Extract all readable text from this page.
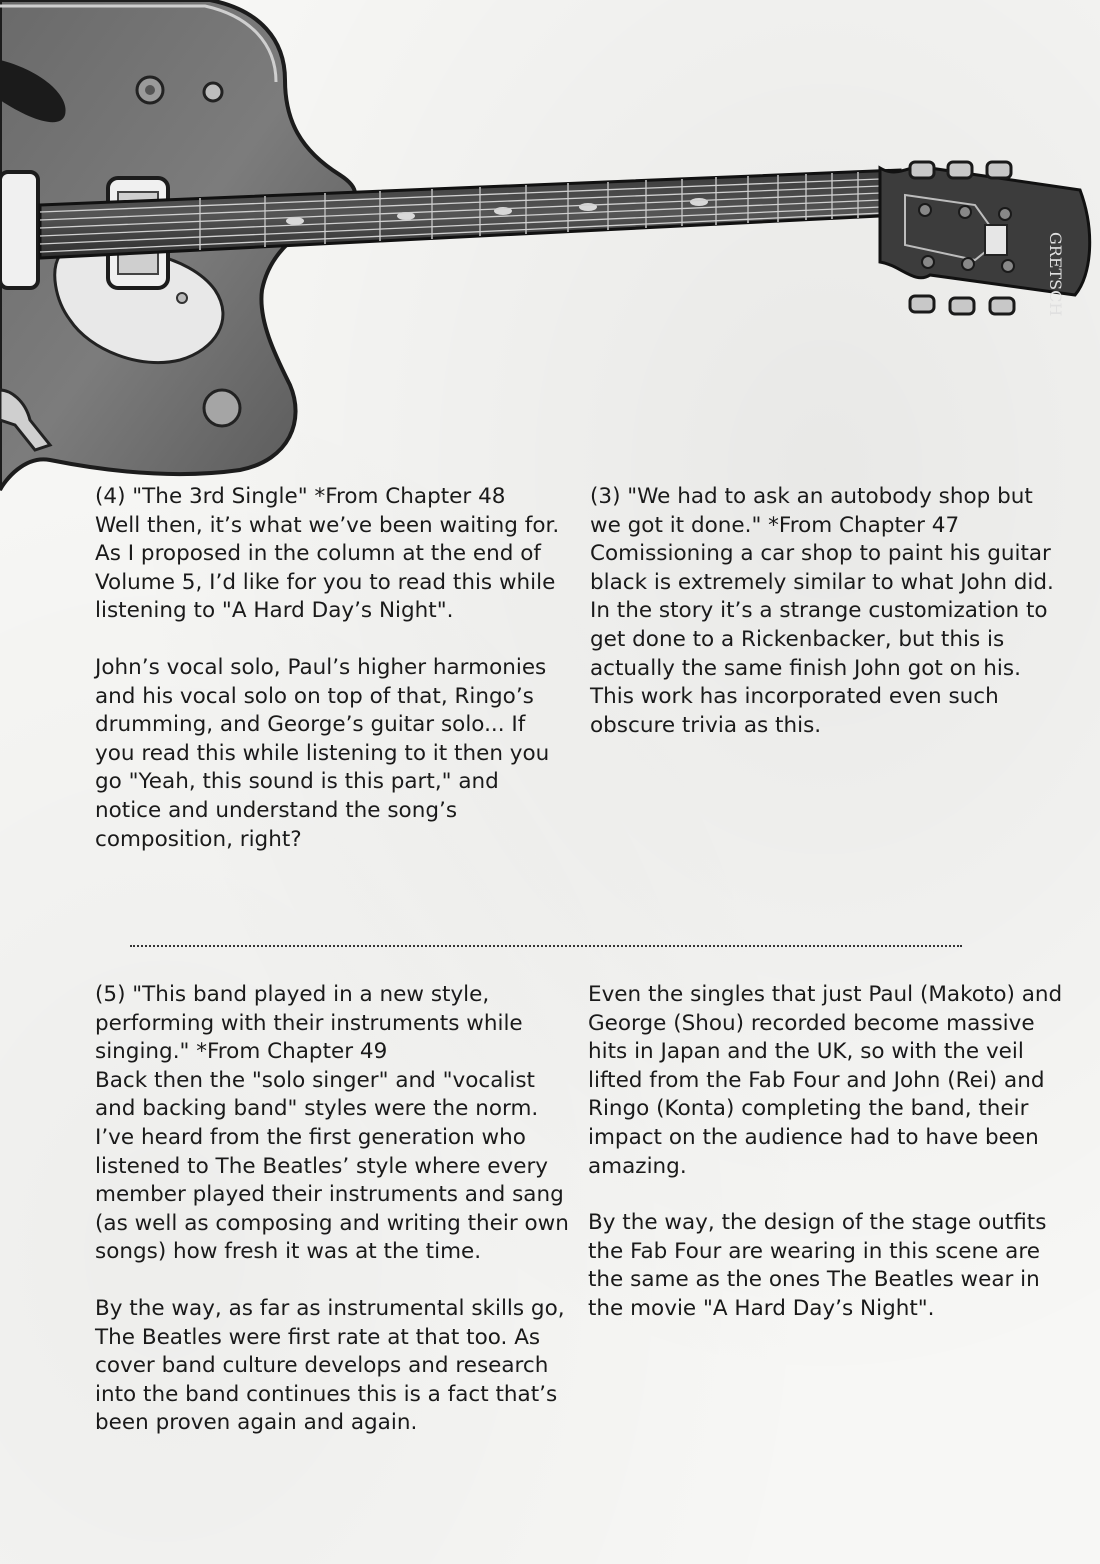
GRETSCH

(4) "The 3rd Single" *From Chapter 48

Well then, it’s what we’ve been waiting for. As I proposed in the column at the end of Volume 5, I’d like for you to read this while listening to "A Hard Day’s Night".

John’s vocal solo, Paul’s higher harmonies and his vocal solo on top of that, Ringo’s drumming, and George’s guitar solo... If you read this while listening to it then you go "Yeah, this sound is this part," and notice and understand the song’s composition, right?

(3) "We had to ask an autobody shop but we got it done." *From Chapter 47

Comissioning a car shop to paint his guitar black is extremely similar to what John did. In the story it’s a strange customization to get done to a Rickenbacker, but this is actually the same finish John got on his. This work has incorporated even such obscure trivia as this.

(5) "This band played in a new style, performing with their instruments while singing." *From Chapter 49

Back then the "solo singer" and "vocalist and backing band" styles were the norm. I’ve heard from the first generation who listened to The Beatles’ style where every member played their instruments and sang (as well as composing and writing their own songs) how fresh it was at the time.

By the way, as far as instrumental skills go, The Beatles were first rate at that too. As cover band culture develops and research into the band continues this is a fact that’s been proven again and again.

Even the singles that just Paul (Makoto) and George (Shou) recorded become massive hits in Japan and the UK, so with the veil lifted from the Fab Four and John (Rei) and Ringo (Konta) completing the band, their impact on the audience had to have been amazing.

By the way, the design of the stage outfits the Fab Four are wearing in this scene are the same as the ones The Beatles wear in the movie "A Hard Day’s Night".
